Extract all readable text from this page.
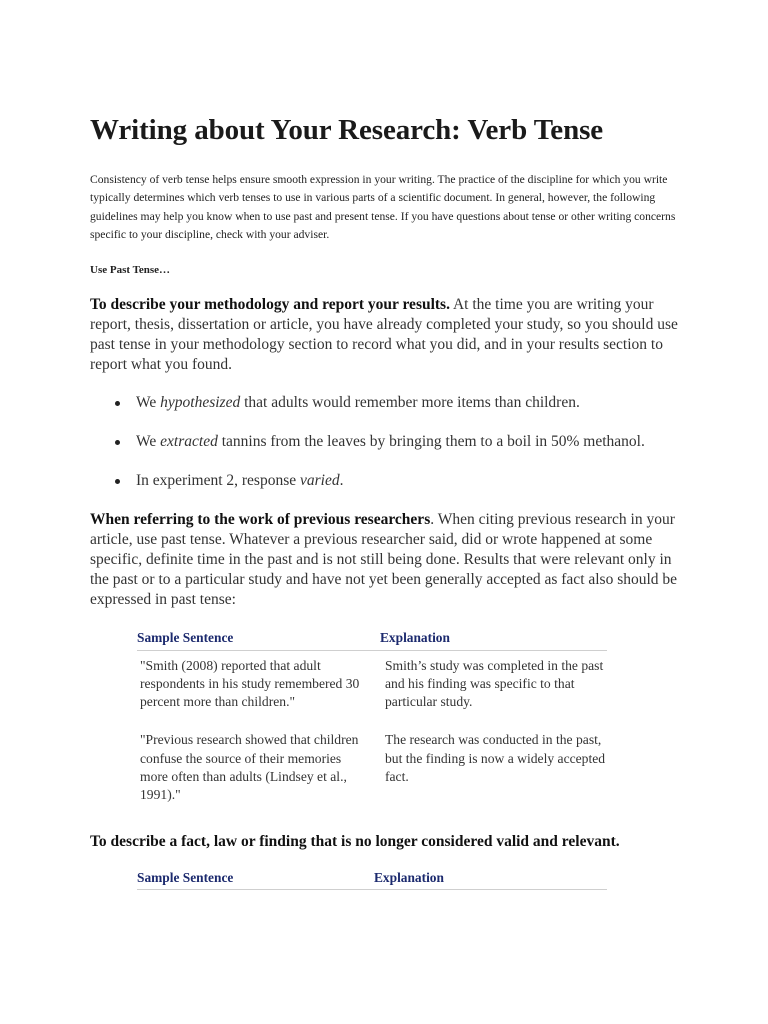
Writing about Your Research: Verb Tense

Consistency of verb tense helps ensure smooth expression in your writing. The practice of the discipline for which you write typically determines which verb tenses to use in various parts of a scientific document. In general, however, the following guidelines may help you know when to use past and present tense. If you have questions about tense or other writing concerns specific to your discipline, check with your adviser.

Use Past Tense…

To describe your methodology and report your results. At the time you are writing your report, thesis, dissertation or article, you have already completed your study, so you should use past tense in your methodology section to record what you did, and in your results section to report what you found.

We hypothesized that adults would remember more items than children.
We extracted tannins from the leaves by bringing them to a boil in 50% methanol.
In experiment 2, response varied.

When referring to the work of previous researchers. When citing previous research in your article, use past tense. Whatever a previous researcher said, did or wrote happened at some specific, definite time in the past and is not still being done. Results that were relevant only in the past or to a particular study and have not yet been generally accepted as fact also should be expressed in past tense:

Sample Sentence	Explanation
"Smith (2008) reported that adult respondents in his study remembered 30 percent more than children."	Smith’s study was completed in the past and his finding was specific to that particular study.
"Previous research showed that children confuse the source of their memories more often than adults (Lindsey et al., 1991)."	The research was conducted in the past, but the finding is now a widely accepted fact.

To describe a fact, law or finding that is no longer considered valid and relevant.

Sample Sentence	Explanation
